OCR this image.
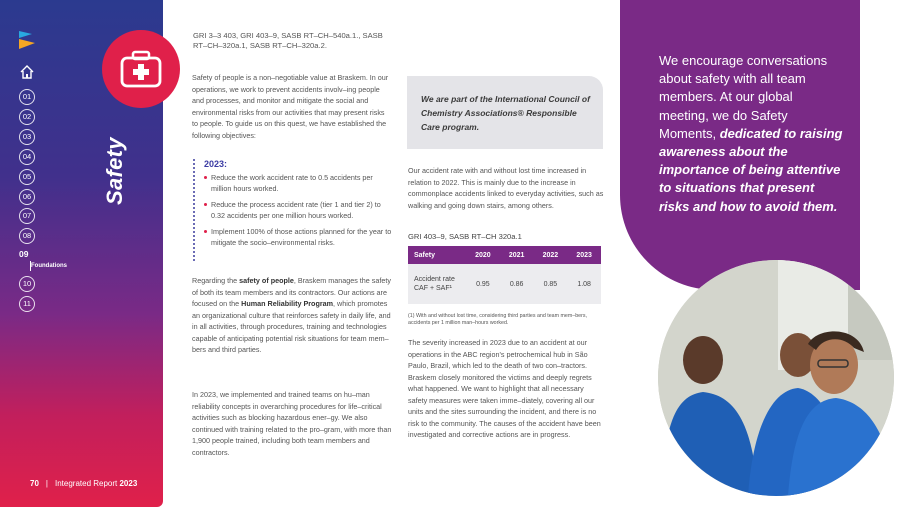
01
02
03
04
05
06
07
08
09
Foundations
10
11
Safety
70 | Integrated Report 2023
GRI 3–3 403, GRI 403–9, SASB RT–CH–540a.1., SASB RT–CH–320a.1, SASB RT–CH–320a.2.

Safety of people is a non–negotiable value at Braskem. In our operations, we work to prevent accidents involv–ing people and processes, and monitor and mitigate the social and environmental risks from our activities that may present risks to people. To guide us on this quest, we have established the following objectives:

2023:
Reduce the work accident rate to 0.5 accidents per million hours worked.
Reduce the process accident rate (tier 1 and tier 2) to 0.32 accidents per one million hours worked.
Implement 100% of those actions planned for the year to mitigate the socio–environmental risks.

Regarding the safety of people, Braskem manages the safety of both its team members and its contractors. Our actions are focused on the Human Reliability Program, which promotes an organizational culture that reinforces safety in daily life, and in all activities, through procedures, training and technologies capable of anticipating potential risk situations for team mem–bers and third parties.

In 2023, we implemented and trained teams on hu–man reliability concepts in overarching procedures for life–critical activities such as blocking hazardous ener–gy. We also continued with training related to the pro–gram, with more than 1,900 people trained, including both team members and contractors.

We are part of the International Council of Chemistry Associations® Responsible Care program.

Our accident rate with and without lost time increased in relation to 2022. This is mainly due to the increase in commonplace accidents linked to everyday activities, such as walking and going down stairs, among others.

GRI 403–9, SASB RT–CH 320a.1
Safety	2020	2021	2022	2023
Accident rate CAF + SAF¹	0.95	0.86	0.85	1.08
(1) With and without lost time, considering third parties and team mem–bers, accidents per 1 million man–hours worked.

The severity increased in 2023 due to an accident at our operations in the ABC region's petrochemical hub in São Paulo, Brazil, which led to the death of two con–tractors. Braskem closely monitored the victims and deeply regrets what happened. We want to highlight that all necessary safety measures were taken imme–diately, covering all our units and the sites surrounding the incident, and there is no risk to the community. The causes of the accident have been investigated and corrective actions are in progress.

We encourage conversations about safety with all team members. At our global meeting, we do Safety Moments, dedicated to raising awareness about the importance of being attentive to situations that present risks and how to avoid them.
